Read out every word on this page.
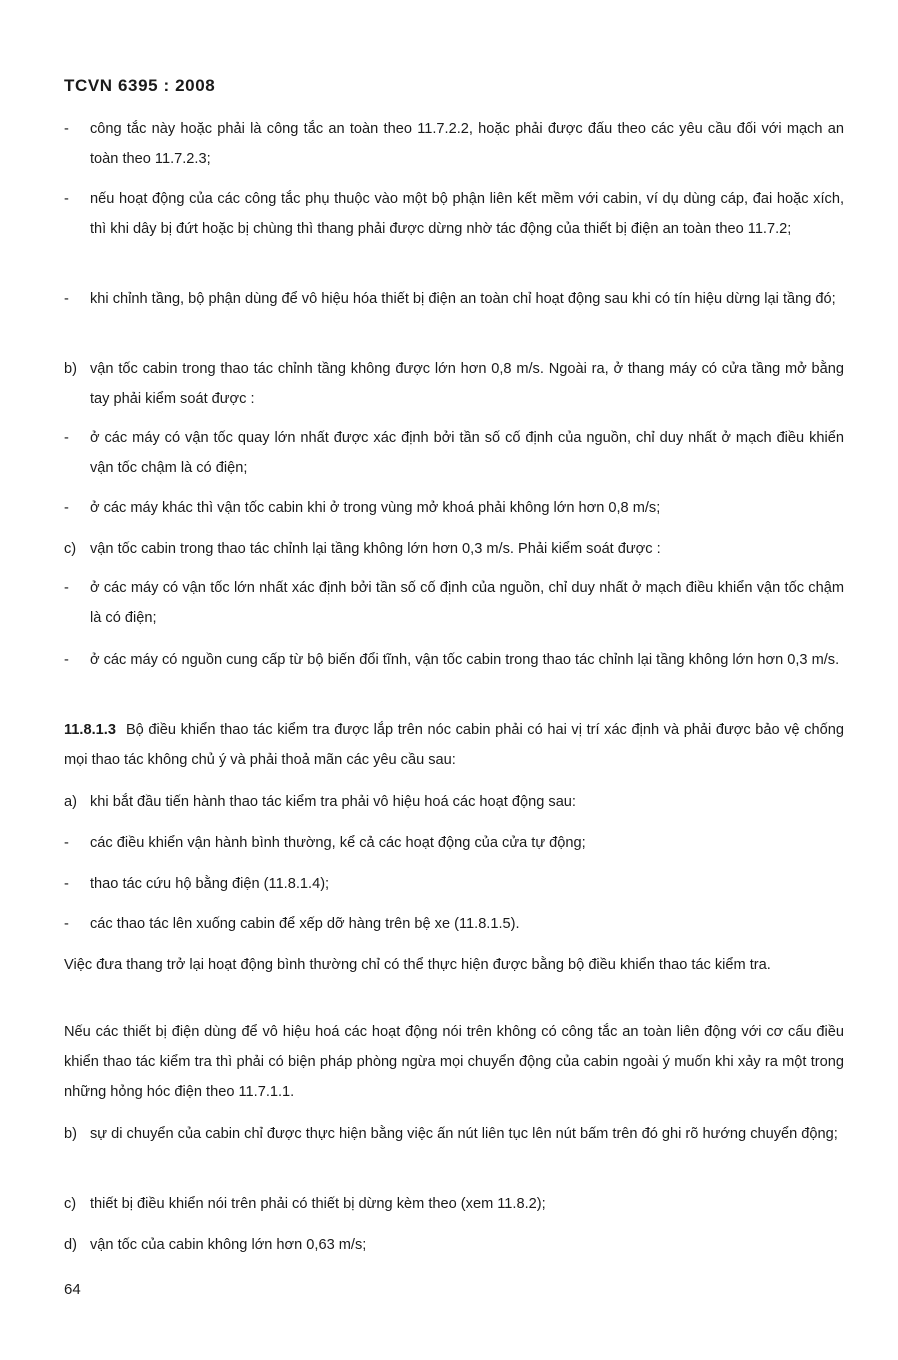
TCVN 6395 : 2008
-	công tắc này hoặc phải là công tắc an toàn theo 11.7.2.2, hoặc phải được đấu theo các yêu cầu đối với mạch an toàn theo 11.7.2.3;
-	nếu hoạt động của các công tắc phụ thuộc vào một bộ phận liên kết mềm với cabin, ví dụ dùng cáp, đai hoặc xích, thì khi dây bị đứt hoặc bị chùng thì thang phải được dừng nhờ tác động của thiết bị điện an toàn theo 11.7.2;
-	khi chỉnh tầng, bộ phận dùng để vô hiệu hóa thiết bị điện an toàn chỉ hoạt động sau khi có tín hiệu dừng lại tầng đó;
b) vận tốc cabin trong thao tác chỉnh tầng không được lớn hơn 0,8 m/s. Ngoài ra, ở thang máy có cửa tầng mở bằng tay phải kiểm soát được :
-	ở các máy có vận tốc quay lớn nhất được xác định bởi tần số cố định của nguồn, chỉ duy nhất ở mạch điều khiển vận tốc chậm là có điện;
-	ở các máy khác thì vận tốc cabin khi ở trong vùng mở khoá phải không lớn hơn 0,8 m/s;
c) vận tốc cabin trong thao tác chỉnh lại tầng không lớn hơn 0,3 m/s. Phải kiểm soát được :
-	ở các máy có vận tốc lớn nhất xác định bởi tần số cố định của nguồn, chỉ duy nhất ở mạch điều khiển vận tốc chậm là có điện;
-	ở các máy có nguồn cung cấp từ bộ biến đổi tĩnh, vận tốc cabin trong thao tác chỉnh lại tầng không lớn hơn 0,3 m/s.
11.8.1.3 Bộ điều khiển thao tác kiểm tra được lắp trên nóc cabin phải có hai vị trí xác định và phải được bảo vệ chống mọi thao tác không chủ ý và phải thoả mãn các yêu cầu sau:
a) khi bắt đầu tiến hành thao tác kiểm tra phải vô hiệu hoá các hoạt động sau:
-	các điều khiển vận hành bình thường, kể cả các hoạt động của cửa tự động;
-	thao tác cứu hộ bằng điện (11.8.1.4);
-	các thao tác lên xuống cabin để xếp dỡ hàng trên bệ xe (11.8.1.5).
Việc đưa thang trở lại hoạt động bình thường chỉ có thể thực hiện được bằng bộ điều khiển thao tác kiểm tra.
Nếu các thiết bị điện dùng để vô hiệu hoá các hoạt động nói trên không có công tắc an toàn liên động với cơ cấu điều khiển thao tác kiểm tra thì phải có biện pháp phòng ngừa mọi chuyển động của cabin ngoài ý muốn khi xảy ra một trong những hỏng hóc điện theo 11.7.1.1.
b) sự di chuyển của cabin chỉ được thực hiện bằng việc ấn nút liên tục lên nút bấm trên đó ghi rõ hướng chuyển động;
c) thiết bị điều khiển nói trên phải có thiết bị dừng kèm theo (xem 11.8.2);
d) vận tốc của cabin không lớn hơn 0,63 m/s;
64
